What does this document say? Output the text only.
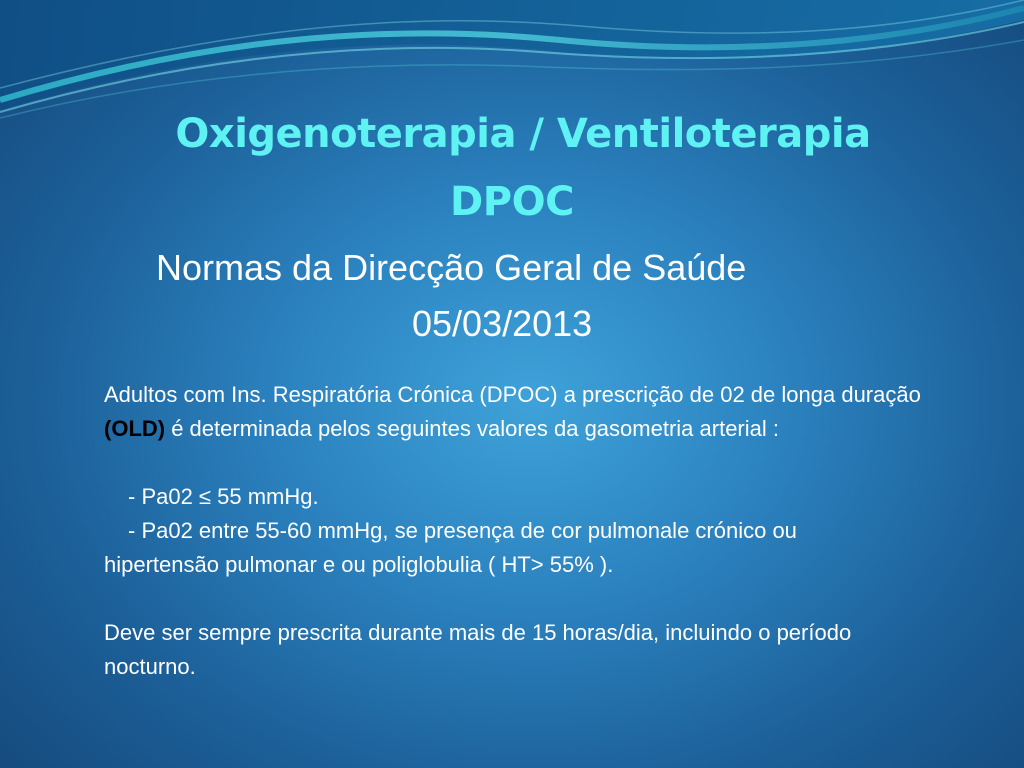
Oxigenoterapia / Ventiloterapia
DPOC
Normas da Direcção Geral de Saúde
05/03/2013

Adultos com Ins. Respiratória Crónica (DPOC) a prescrição de 02 de longa duração (OLD) é determinada pelos seguintes valores da gasometria arterial :

- Pa02 ≤ 55 mmHg.

- Pa02 entre 55-60 mmHg, se presença de cor pulmonale crónico ou

hipertensão pulmonar e ou poliglobulia ( HT> 55% ).

Deve ser sempre prescrita durante mais de 15 horas/dia, incluindo o período nocturno.
